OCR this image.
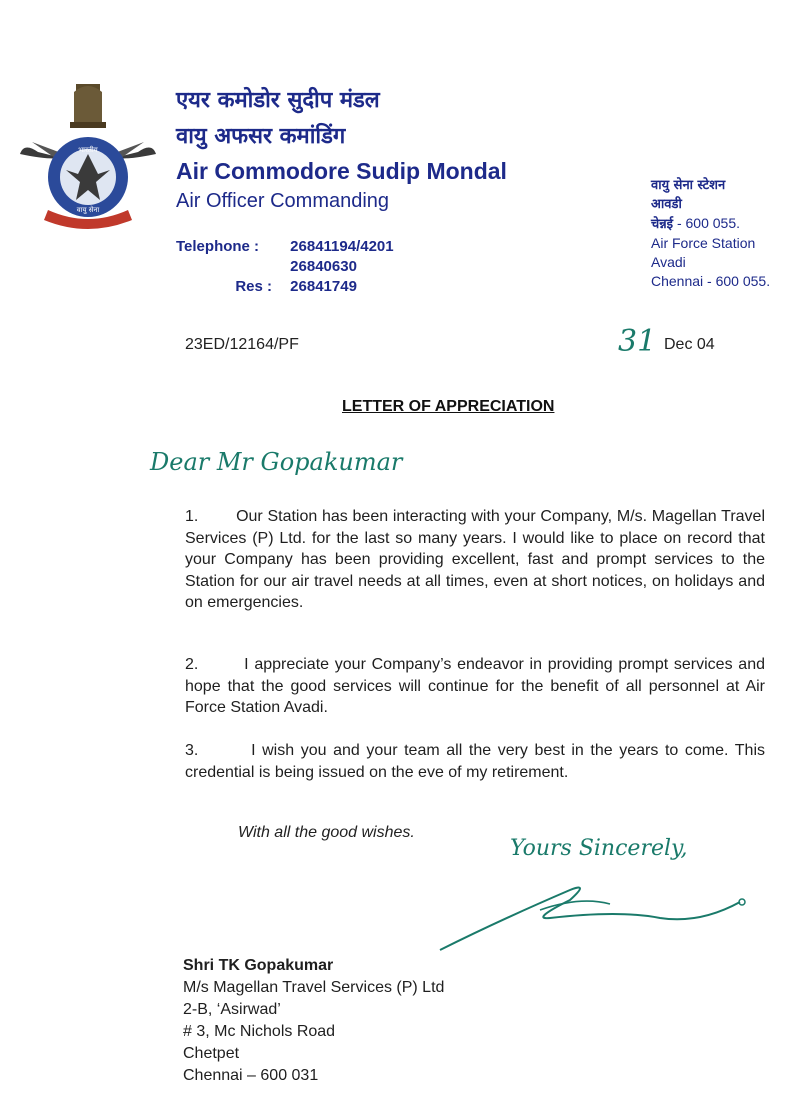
भारतीय
वायु सेना
एयर कमोडोर सुदीप मंडल
वायु अफसर कमांडिंग
Air Commodore Sudip Mondal
Air Officer Commanding
Telephone : 26841194/4201
26840630
Res : 26841749
वायु सेना स्टेशन
आवडी
चेन्नई - 600 055.
Air Force Station
Avadi
Chennai - 600 055.
23ED/12164/PF	31 Dec 04
LETTER OF APPRECIATION
Dear Mr Gopakumar
1.        Our Station has been interacting with your Company, M/s. Magellan Travel Services (P) Ltd. for the last so many years. I would like to place on record that your Company has been providing excellent, fast and prompt services to the Station for our air travel needs at all times, even at short notices, on holidays and on emergencies.
2.        I appreciate your Company’s endeavor in providing prompt services and hope that the good services will continue for the benefit of all personnel at Air Force Station Avadi.
3.        I wish you and your team all the very best in the years to come. This credential is being issued on the eve of my retirement.
With all the good wishes.
Yours Sincerely,
Shri TK Gopakumar
M/s Magellan Travel Services (P) Ltd
2-B, ‘Asirwad’
# 3, Mc Nichols Road
Chetpet
Chennai – 600 031
